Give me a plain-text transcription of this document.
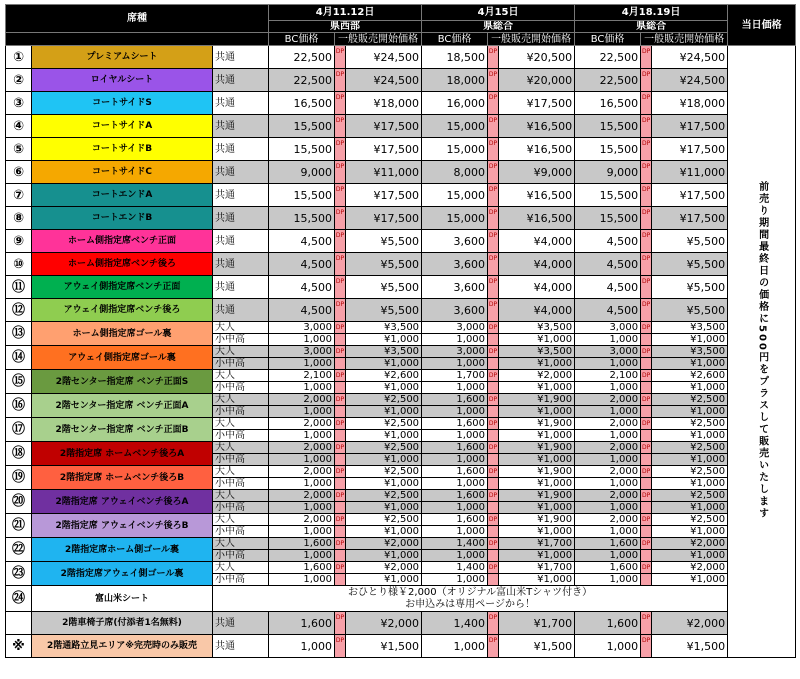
席種			4月11.12日			4月15日			4月18.19日			当日価格
			県西部			県総合			県総合			
			BC価格	一般販売開始価格		BC価格	一般販売開始価格		BC価格	一般販売開始価格		
①	プレミアムシート	共通	22,500	DP	¥24,500	18,500	DP	¥20,500	22,500	DP	¥24,500	前売り期間最終日の価格に500円をプラスして販売いたします
②	ロイヤルシート	共通	22,500	DP	¥24,500	18,000	DP	¥20,000	22,500	DP	¥24,500	
③	コートサイドS	共通	16,500	DP	¥18,000	16,000	DP	¥17,500	16,500	DP	¥18,000	
④	コートサイドA	共通	15,500	DP	¥17,500	15,000	DP	¥16,500	15,500	DP	¥17,500	
⑤	コートサイドB	共通	15,500	DP	¥17,500	15,000	DP	¥16,500	15,500	DP	¥17,500	
⑥	コートサイドC	共通	9,000	DP	¥11,000	8,000	DP	¥9,000	9,000	DP	¥11,000	
⑦	コートエンドA	共通	15,500	DP	¥17,500	15,000	DP	¥16,500	15,500	DP	¥17,500	
⑧	コートエンドB	共通	15,500	DP	¥17,500	15,000	DP	¥16,500	15,500	DP	¥17,500	
⑨	ホーム側指定席ベンチ正面	共通	4,500	DP	¥5,500	3,600	DP	¥4,000	4,500	DP	¥5,500	
⑩	ホーム側指定席ベンチ後ろ	共通	4,500	DP	¥5,500	3,600	DP	¥4,000	4,500	DP	¥5,500	
⑪	アウェイ側指定席ベンチ正面	共通	4,500	DP	¥5,500	3,600	DP	¥4,000	4,500	DP	¥5,500	
⑫	アウェイ側指定席ベンチ後ろ	共通	4,500	DP	¥5,500	3,600	DP	¥4,000	4,500	DP	¥5,500	
⑬	ホーム側指定席ゴール裏	大人	3,000	DP	¥3,500	3,000	DP	¥3,500	3,000	DP	¥3,500	
		小中高	1,000		¥1,000	1,000		¥1,000	1,000		¥1,000	
⑭	アウェイ側指定席ゴール裏	大人	3,000	DP	¥3,500	3,000	DP	¥3,500	3,000	DP	¥3,500	
		小中高	1,000		¥1,000	1,000		¥1,000	1,000		¥1,000	
⑮	2階センター指定席 ベンチ正面S	大人	2,100	DP	¥2,600	1,700	DP	¥2,000	2,100	DP	¥2,600	
		小中高	1,000		¥1,000	1,000		¥1,000	1,000		¥1,000	
⑯	2階センター指定席 ベンチ正面A	大人	2,000	DP	¥2,500	1,600	DP	¥1,900	2,000	DP	¥2,500	
		小中高	1,000		¥1,000	1,000		¥1,000	1,000		¥1,000	
⑰	2階センター指定席 ベンチ正面B	大人	2,000	DP	¥2,500	1,600	DP	¥1,900	2,000	DP	¥2,500	
		小中高	1,000		¥1,000	1,000		¥1,000	1,000		¥1,000	
⑱	2階指定席 ホームベンチ後ろA	大人	2,000	DP	¥2,500	1,600	DP	¥1,900	2,000	DP	¥2,500	
		小中高	1,000		¥1,000	1,000		¥1,000	1,000		¥1,000	
⑲	2階指定席 ホームベンチ後ろB	大人	2,000	DP	¥2,500	1,600	DP	¥1,900	2,000	DP	¥2,500	
		小中高	1,000		¥1,000	1,000		¥1,000	1,000		¥1,000	
⑳	2階指定席 アウェイベンチ後ろA	大人	2,000	DP	¥2,500	1,600	DP	¥1,900	2,000	DP	¥2,500	
		小中高	1,000		¥1,000	1,000		¥1,000	1,000		¥1,000	
㉑	2階指定席 アウェイベンチ後ろB	大人	2,000	DP	¥2,500	1,600	DP	¥1,900	2,000	DP	¥2,500	
		小中高	1,000		¥1,000	1,000		¥1,000	1,000		¥1,000	
㉒	2階指定席ホーム側ゴール裏	大人	1,600	DP	¥2,000	1,400	DP	¥1,700	1,600	DP	¥2,000	
		小中高	1,000		¥1,000	1,000		¥1,000	1,000		¥1,000	
㉓	2階指定席アウェイ側ゴール裏	大人	1,600	DP	¥2,000	1,400	DP	¥1,700	1,600	DP	¥2,000	
		小中高	1,000		¥1,000	1,000		¥1,000	1,000		¥1,000	
㉔	富山米シート	おひとり様￥2,000（オリジナル富山米Tシャツ付き）
お申込みは専用ページから！										

	2階車椅子席(付添者1名無料)	共通	1,600	DP	¥2,000	1,400	DP	¥1,700	1,600	DP	¥2,000	
※	2階通路立見エリア※完売時のみ販売	共通	1,000	DP	¥1,500	1,000	DP	¥1,500	1,000	DP	¥1,500	
